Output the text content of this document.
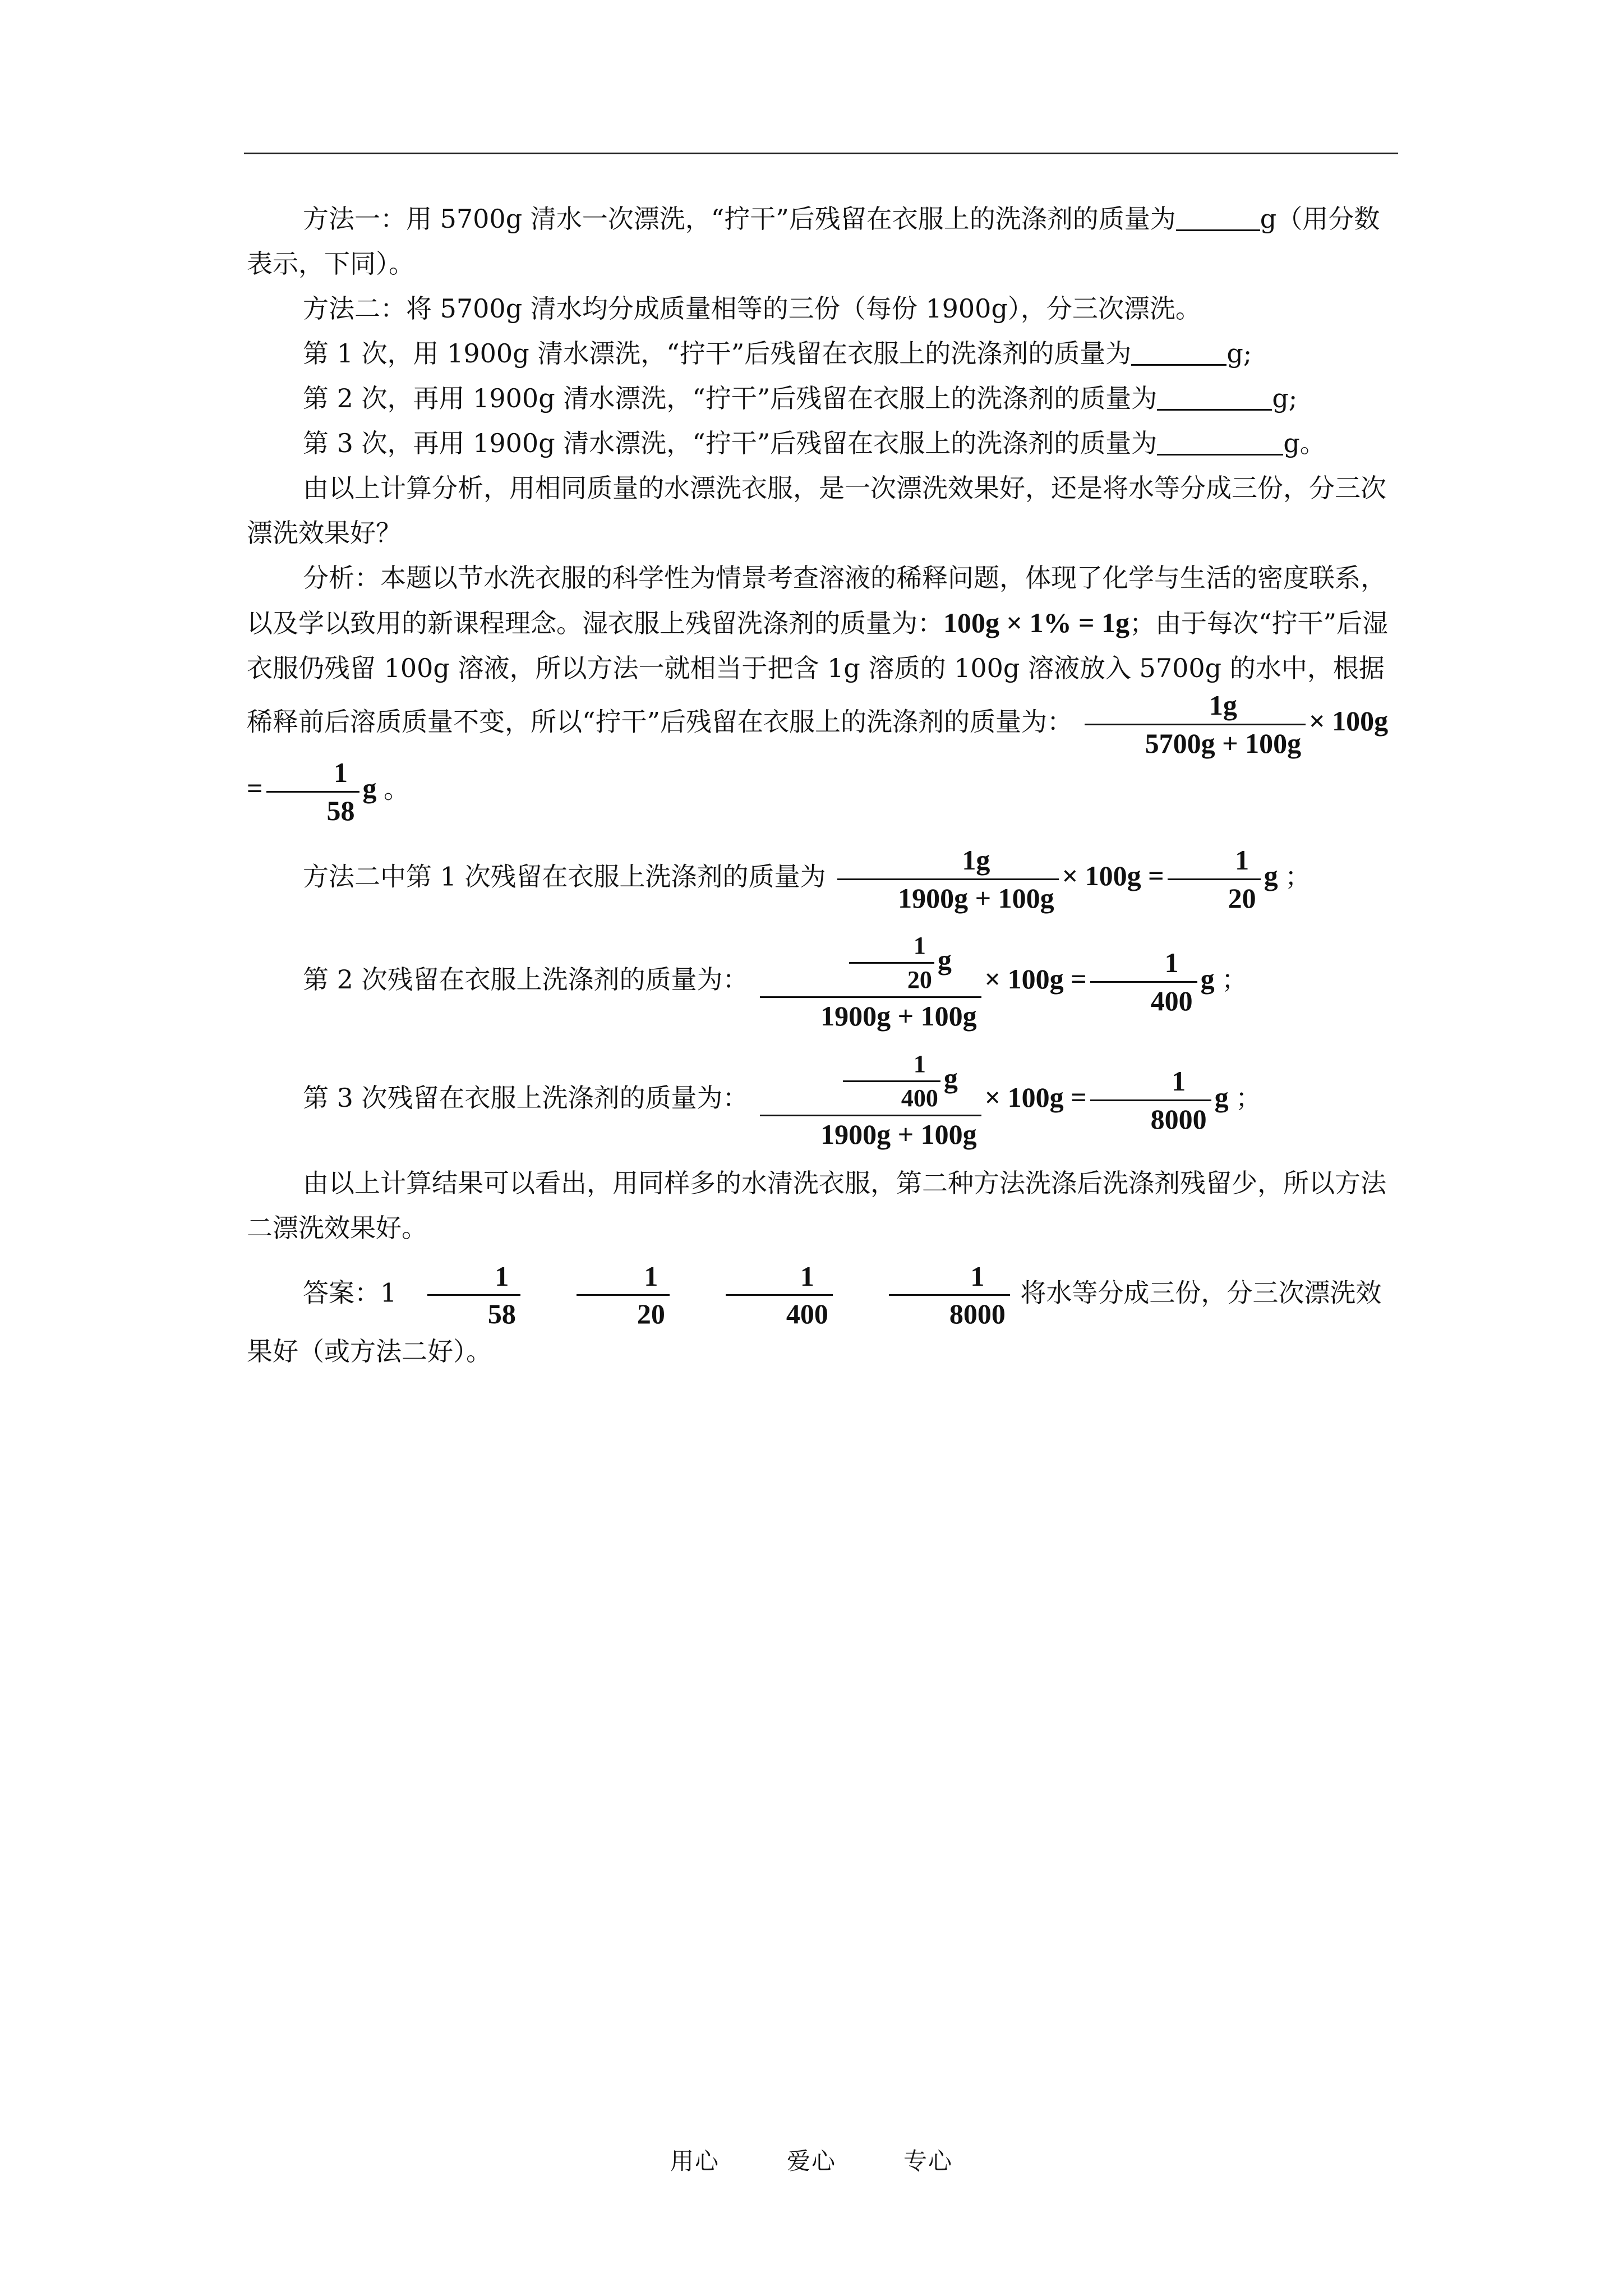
方法一：用 5700g 清水一次漂洗，“拧干”后残留在衣服上的洗涤剂的质量为	g（用分数表示，下同）。

方法二：将 5700g 清水均分成质量相等的三份（每份 1900g），分三次漂洗。

第 1 次，用 1900g 清水漂洗，“拧干”后残留在衣服上的洗涤剂的质量为	g;

第 2 次，再用 1900g 清水漂洗，“拧干”后残留在衣服上的洗涤剂的质量为	g;

第 3 次，再用 1900g 清水漂洗，“拧干”后残留在衣服上的洗涤剂的质量为	g。

由以上计算分析，用相同质量的水漂洗衣服，是一次漂洗效果好，还是将水等分成三份，分三次漂洗效果好？

分析：本题以节水洗衣服的科学性为情景考查溶液的稀释问题，体现了化学与生活的密度联系，以及学以致用的新课程理念。湿衣服上残留洗涤剂的质量为：100g × 1% = 1g；由于每次“拧干”后湿衣服仍残留 100g 溶液，所以方法一就相当于把含 1g 溶质的 100g 溶液放入 5700g 的水中，根据稀释前后溶质质量不变，所以“拧干”后残留在衣服上的洗涤剂的质量为： $\frac{1g}{5700g + 100g} \times 100g = \frac{1}{58}$ g 。

方法二中第 1 次残留在衣服上洗涤剂的质量为 $\frac{1g}{1900g + 100g} \times 100g = \frac{1}{20}$ g ；

第 2 次残留在衣服上洗涤剂的质量为： $\frac{\frac{1}{20} g}{1900g + 100g} \times 100g = \frac{1}{400}$ g ；

第 3 次残留在衣服上洗涤剂的质量为： $\frac{\frac{1}{400} g}{1900g + 100g} \times 100g = \frac{1}{8000}$ g ；

由以上计算结果可以看出，用同样多的水清洗衣服，第二种方法洗涤后洗涤剂残留少，所以方法二漂洗效果好。

答案：$1 \frac{1}{58} \frac{1}{20} \frac{1}{400} \frac{1}{8000}$ 将水等分成三份，分三次漂洗效果好（或方法二好）。

用心	爱心	专心
